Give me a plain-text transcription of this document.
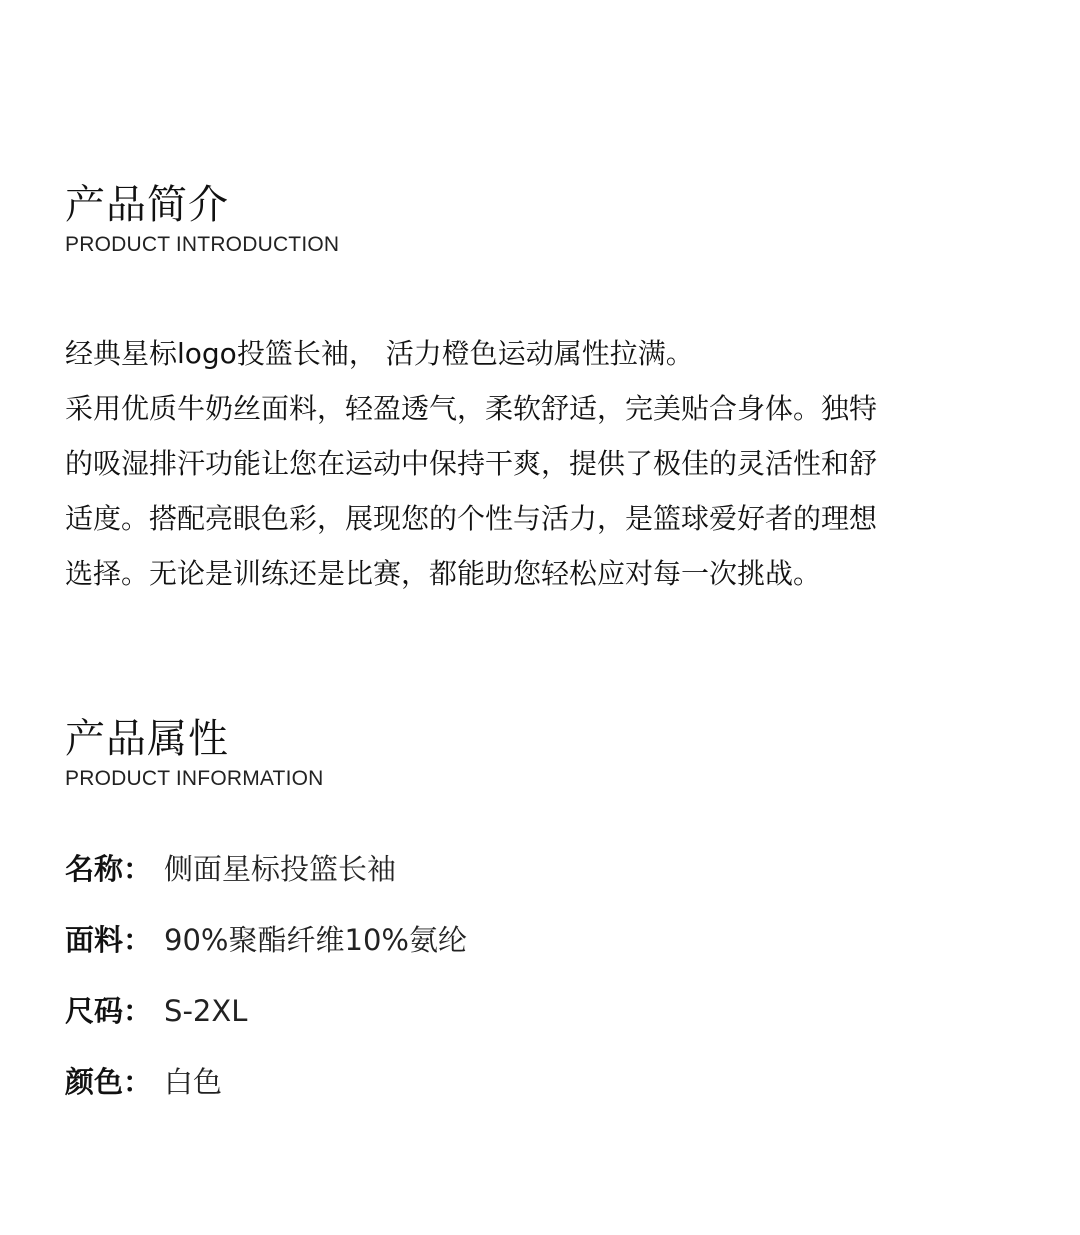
产品简介

PRODUCT INTRODUCTION

经典星标logo投篮长袖， 活力橙色运动属性拉满。

采用优质牛奶丝面料，轻盈透气，柔软舒适，完美贴合身体。独特

的吸湿排汗功能让您在运动中保持干爽，提供了极佳的灵活性和舒

适度。搭配亮眼色彩，展现您的个性与活力，是篮球爱好者的理想

选择。无论是训练还是比赛，都能助您轻松应对每一次挑战。

产品属性

PRODUCT INFORMATION

名称： 侧面星标投篮长袖
面料： 90%聚酯纤维10%氨纶
尺码： S-2XL
颜色： 白色
